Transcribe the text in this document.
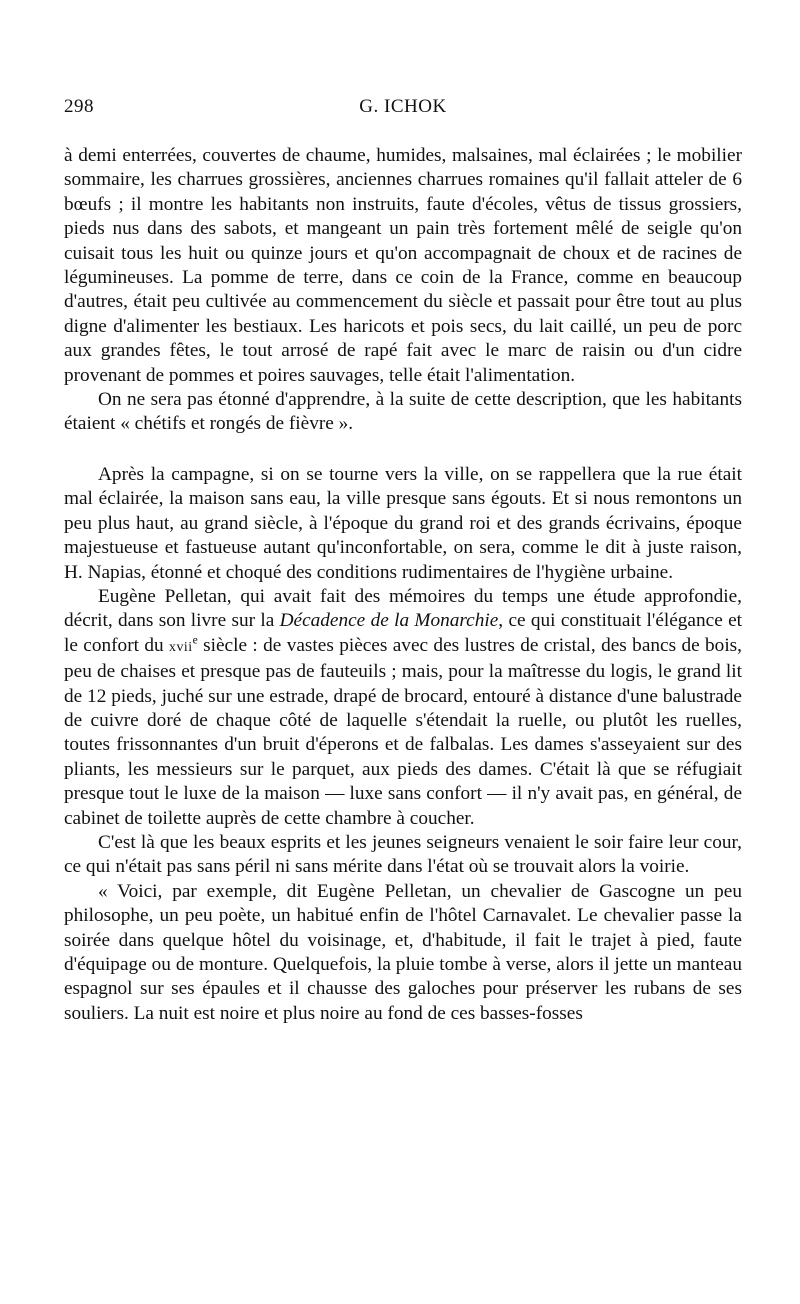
298	G. ICHOK

à demi enterrées, couvertes de chaume, humides, malsaines, mal éclairées ; le mobilier sommaire, les charrues grossières, anciennes charrues romaines qu'il fallait atteler de 6 bœufs ; il montre les habitants non instruits, faute d'écoles, vêtus de tissus grossiers, pieds nus dans des sabots, et mangeant un pain très fortement mêlé de seigle qu'on cuisait tous les huit ou quinze jours et qu'on accompagnait de choux et de racines de légumineuses. La pomme de terre, dans ce coin de la France, comme en beaucoup d'autres, était peu cultivée au commencement du siècle et passait pour être tout au plus digne d'alimenter les bestiaux. Les haricots et pois secs, du lait caillé, un peu de porc aux grandes fêtes, le tout arrosé de rapé fait avec le marc de raisin ou d'un cidre provenant de pommes et poires sauvages, telle était l'alimentation.

On ne sera pas étonné d'apprendre, à la suite de cette description, que les habitants étaient « chétifs et rongés de fièvre ».

Après la campagne, si on se tourne vers la ville, on se rappellera que la rue était mal éclairée, la maison sans eau, la ville presque sans égouts. Et si nous remontons un peu plus haut, au grand siècle, à l'époque du grand roi et des grands écrivains, époque majestueuse et fastueuse autant qu'inconfortable, on sera, comme le dit à juste raison, H. Napias, étonné et choqué des conditions rudimentaires de l'hygiène urbaine.

Eugène Pelletan, qui avait fait des mémoires du temps une étude approfondie, décrit, dans son livre sur la Décadence de la Monarchie, ce qui constituait l'élégance et le confort du xvii$^e$ siècle : de vastes pièces avec des lustres de cristal, des bancs de bois, peu de chaises et presque pas de fauteuils ; mais, pour la maîtresse du logis, le grand lit de 12 pieds, juché sur une estrade, drapé de brocard, entouré à distance d'une balustrade de cuivre doré de chaque côté de laquelle s'étendait la ruelle, ou plutôt les ruelles, toutes frissonnantes d'un bruit d'éperons et de falbalas. Les dames s'asseyaient sur des pliants, les messieurs sur le parquet, aux pieds des dames. C'était là que se réfugiait presque tout le luxe de la maison — luxe sans confort — il n'y avait pas, en général, de cabinet de toilette auprès de cette chambre à coucher.

C'est là que les beaux esprits et les jeunes seigneurs venaient le soir faire leur cour, ce qui n'était pas sans péril ni sans mérite dans l'état où se trouvait alors la voirie.

« Voici, par exemple, dit Eugène Pelletan, un chevalier de Gascogne un peu philosophe, un peu poète, un habitué enfin de l'hôtel Carnavalet. Le chevalier passe la soirée dans quelque hôtel du voisinage, et, d'habitude, il fait le trajet à pied, faute d'équipage ou de monture. Quelquefois, la pluie tombe à verse, alors il jette un manteau espagnol sur ses épaules et il chausse des galoches pour préserver les rubans de ses souliers. La nuit est noire et plus noire au fond de ces basses-fosses
